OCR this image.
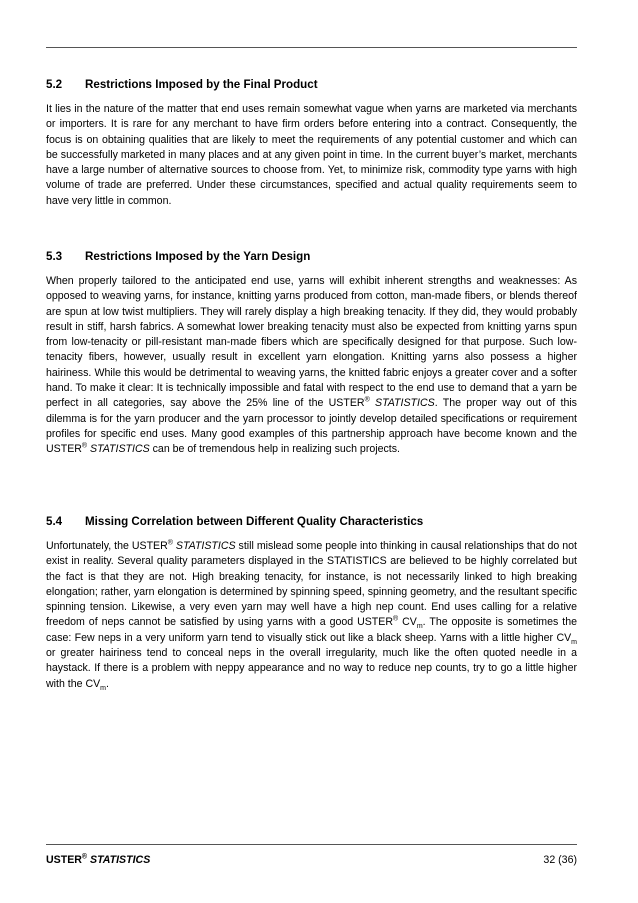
5.2	Restrictions Imposed by the Final Product

It lies in the nature of the matter that end uses remain somewhat vague when yarns are marketed via merchants or importers. It is rare for any merchant to have firm orders before entering into a contract. Consequently, the focus is on obtaining qualities that are likely to meet the requirements of any potential customer and which can be successfully marketed in many places and at any given point in time. In the current buyer’s market, merchants have a large number of alternative sources to choose from. Yet, to minimize risk, commodity type yarns with high volume of trade are preferred. Under these circumstances, specified and actual quality requirements seem to have very little in common.

5.3	Restrictions Imposed by the Yarn Design

When properly tailored to the anticipated end use, yarns will exhibit inherent strengths and weaknesses: As opposed to weaving yarns, for instance, knitting yarns produced from cotton, man-made fibers, or blends thereof are spun at low twist multipliers. They will rarely display a high breaking tenacity. If they did, they would probably result in stiff, harsh fabrics. A somewhat lower breaking tenacity must also be expected from knitting yarns spun from low-tenacity or pill-resistant man-made fibers which are specifically designed for that purpose. Such low-tenacity fibers, however, usually result in excellent yarn elongation. Knitting yarns also possess a higher hairiness. While this would be detrimental to weaving yarns, the knitted fabric enjoys a greater cover and a softer hand. To make it clear: It is technically impossible and fatal with respect to the end use to demand that a yarn be perfect in all categories, say above the 25% line of the USTER® STATISTICS. The proper way out of this dilemma is for the yarn producer and the yarn processor to jointly develop detailed specifications or requirement profiles for specific end uses. Many good examples of this partnership approach have become known and the USTER® STATISTICS can be of tremendous help in realizing such projects.

5.4	Missing Correlation between Different Quality Characteristics

Unfortunately, the USTER® STATISTICS still mislead some people into thinking in causal relationships that do not exist in reality. Several quality parameters displayed in the STATISTICS are believed to be highly correlated but the fact is that they are not. High breaking tenacity, for instance, is not necessarily linked to high breaking elongation; rather, yarn elongation is determined by spinning speed, spinning geometry, and the resultant specific spinning tension. Likewise, a very even yarn may well have a high nep count. End uses calling for a relative freedom of neps cannot be satisfied by using yarns with a good USTER® $CV_m$. The opposite is sometimes the case: Few neps in a very uniform yarn tend to visually stick out like a black sheep. Yarns with a little higher $CV_m$ or greater hairiness tend to conceal neps in the overall irregularity, much like the often quoted needle in a haystack. If there is a problem with neppy appearance and no way to reduce nep counts, try to go a little higher with the $CV_m$.

USTER® STATISTICS	32 (36)
